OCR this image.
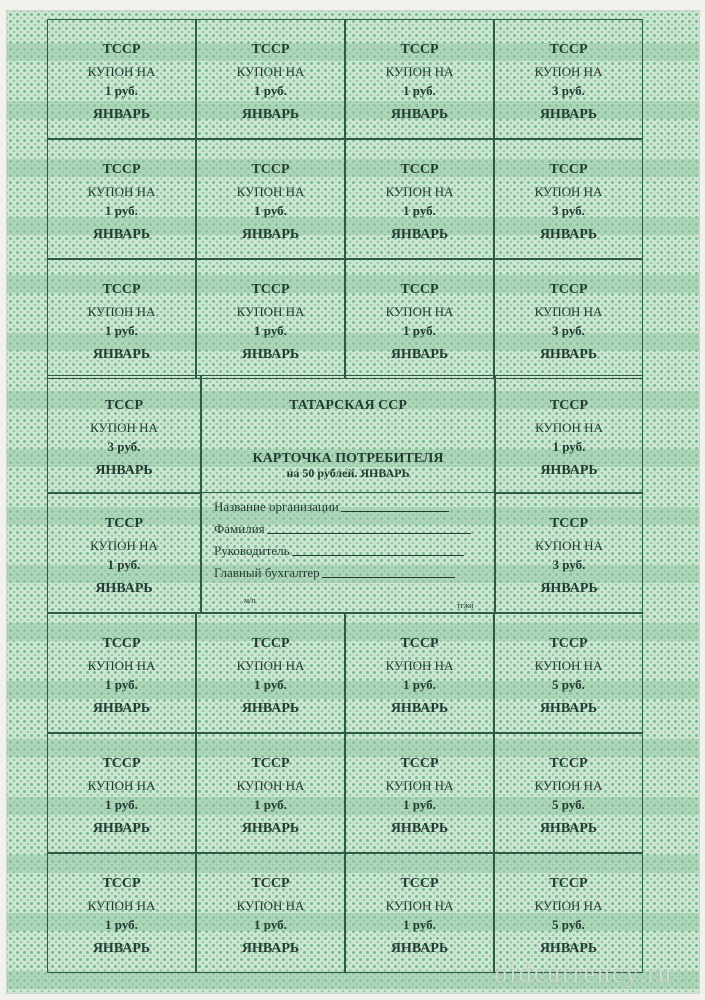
ТССР
КУПОН НА
1 руб.
ЯНВАРЬ
ТССР
КУПОН НА
1 руб.
ЯНВАРЬ
ТССР
КУПОН НА
1 руб.
ЯНВАРЬ
ТССР
КУПОН НА
3 руб.
ЯНВАРЬ
ТССР
КУПОН НА
1 руб.
ЯНВАРЬ
ТССР
КУПОН НА
1 руб.
ЯНВАРЬ
ТССР
КУПОН НА
1 руб.
ЯНВАРЬ
ТССР
КУПОН НА
3 руб.
ЯНВАРЬ
ТССР
КУПОН НА
1 руб.
ЯНВАРЬ
ТССР
КУПОН НА
1 руб.
ЯНВАРЬ
ТССР
КУПОН НА
1 руб.
ЯНВАРЬ
ТССР
КУПОН НА
3 руб.
ЯНВАРЬ
ТССР
КУПОН НА
3 руб.
ЯНВАРЬ
ТАТАРСКАЯ ССР
КАРТОЧКА ПОТРЕБИТЕЛЯ
на 50 рублей. ЯНВАРЬ
ТССР
КУПОН НА
1 руб.
ЯНВАРЬ
ТССР
КУПОН НА
1 руб.
ЯНВАРЬ
Название организации
Фамилия
Руководитель
Главный бухгалтер
м/п
тгжи
ТССР
КУПОН НА
3 руб.
ЯНВАРЬ
ТССР
КУПОН НА
1 руб.
ЯНВАРЬ
ТССР
КУПОН НА
1 руб.
ЯНВАРЬ
ТССР
КУПОН НА
1 руб.
ЯНВАРЬ
ТССР
КУПОН НА
5 руб.
ЯНВАРЬ
ТССР
КУПОН НА
1 руб.
ЯНВАРЬ
ТССР
КУПОН НА
1 руб.
ЯНВАРЬ
ТССР
КУПОН НА
1 руб.
ЯНВАРЬ
ТССР
КУПОН НА
5 руб.
ЯНВАРЬ
ТССР
КУПОН НА
1 руб.
ЯНВАРЬ
ТССР
КУПОН НА
1 руб.
ЯНВАРЬ
ТССР
КУПОН НА
1 руб.
ЯНВАРЬ
ТССР
КУПОН НА
5 руб.
ЯНВАРЬ
oldcurrency.ru
